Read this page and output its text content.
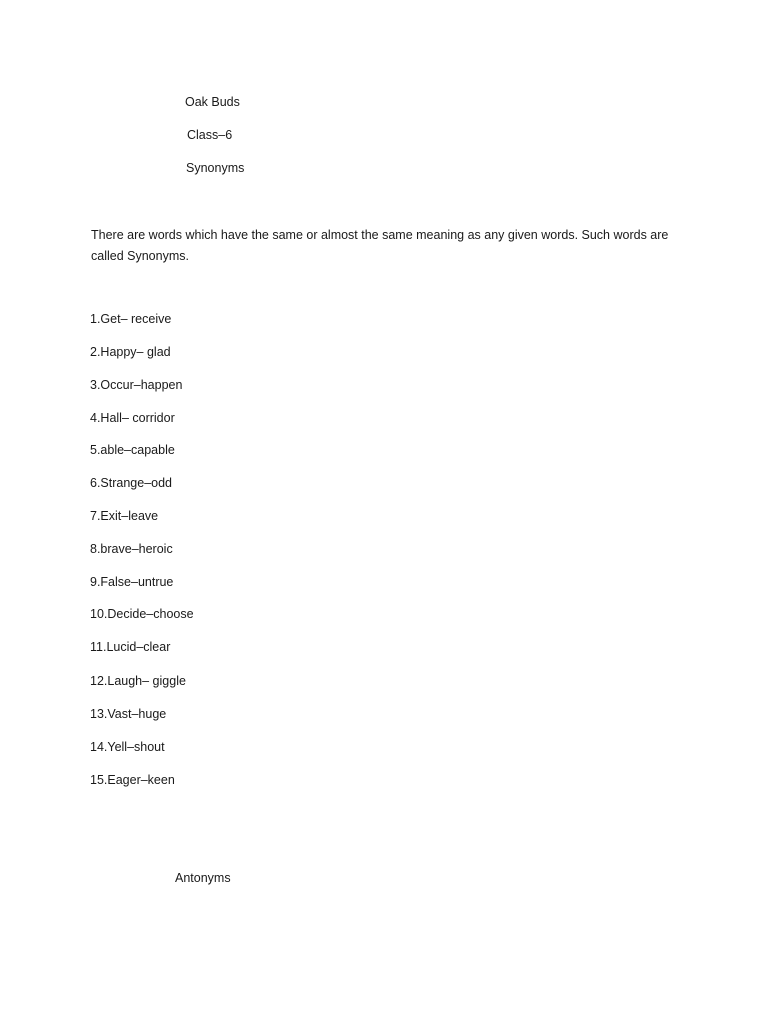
Oak Buds
Class–6
Synonyms
There are words which have the same or almost the same meaning as any given words. Such words are
called Synonyms.
1.Get– receive
2.Happy– glad
3.Occur–happen
4.Hall– corridor
5.able–capable
6.Strange–odd
7.Exit–leave
8.brave–heroic
9.False–untrue
10.Decide–choose
11.Lucid–clear
12.Laugh– giggle
13.Vast–huge
14.Yell–shout
15.Eager–keen
Antonyms
